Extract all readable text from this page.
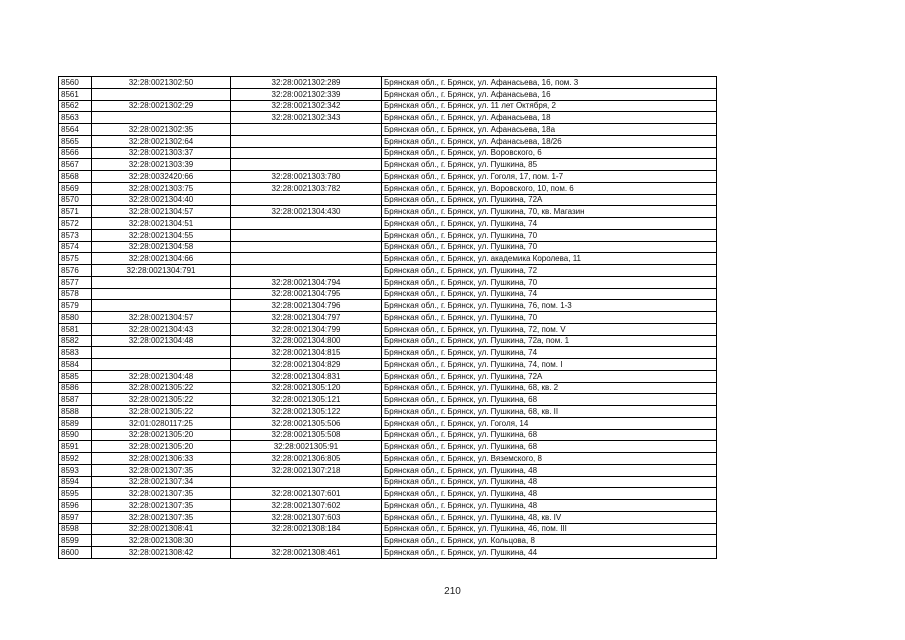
8560	32:28:0021302:50	32:28:0021302:289	Брянская обл., г. Брянск, ул. Афанасьева, 16, пом. 3
8561		32:28:0021302:339	Брянская обл., г. Брянск, ул. Афанасьева, 16
8562	32:28:0021302:29	32:28:0021302:342	Брянская обл., г. Брянск, ул. 11 лет Октября, 2
8563		32:28:0021302:343	Брянская обл., г. Брянск, ул. Афанасьева, 18
8564	32:28:0021302:35		Брянская обл., г. Брянск, ул. Афанасьева, 18а
8565	32:28:0021302:64		Брянская обл., г. Брянск, ул. Афанасьева, 18/26
8566	32:28:0021303:37		Брянская обл., г. Брянск, ул. Воровского, 6
8567	32:28:0021303:39		Брянская обл., г. Брянск, ул. Пушкина, 85
8568	32:28:0032420:66	32:28:0021303:780	Брянская обл., г. Брянск, ул. Гоголя, 17, пом. 1-7
8569	32:28:0021303:75	32:28:0021303:782	Брянская обл., г. Брянск, ул. Воровского, 10, пом. 6
8570	32:28:0021304:40		Брянская обл., г. Брянск, ул. Пушкина, 72А
8571	32:28:0021304:57	32:28:0021304:430	Брянская обл., г. Брянск, ул. Пушкина, 70, кв. Магазин
8572	32:28:0021304:51		Брянская обл., г. Брянск, ул. Пушкина, 74
8573	32:28:0021304:55		Брянская обл., г. Брянск, ул. Пушкина, 70
8574	32:28:0021304:58		Брянская обл., г. Брянск, ул. Пушкина, 70
8575	32:28:0021304:66		Брянская обл., г. Брянск, ул. академика Королева, 11
8576	32:28:0021304:791		Брянская обл., г. Брянск, ул. Пушкина, 72
8577		32:28:0021304:794	Брянская обл., г. Брянск, ул. Пушкина, 70
8578		32:28:0021304:795	Брянская обл., г. Брянск, ул. Пушкина, 74
8579		32:28:0021304:796	Брянская обл., г. Брянск, ул. Пушкина, 76, пом. 1-3
8580	32:28:0021304:57	32:28:0021304:797	Брянская обл., г. Брянск, ул. Пушкина, 70
8581	32:28:0021304:43	32:28:0021304:799	Брянская обл., г. Брянск, ул. Пушкина, 72, пом. V
8582	32:28:0021304:48	32:28:0021304:800	Брянская обл., г. Брянск, ул. Пушкина, 72а, пом. 1
8583		32:28:0021304:815	Брянская обл., г. Брянск, ул. Пушкина, 74
8584		32:28:0021304:829	Брянская обл., г. Брянск, ул. Пушкина, 74, пом. I
8585	32:28:0021304:48	32:28:0021304:831	Брянская обл., г. Брянск, ул. Пушкина, 72А
8586	32:28:0021305:22	32:28:0021305:120	Брянская обл., г. Брянск, ул. Пушкина, 68, кв. 2
8587	32:28:0021305:22	32:28:0021305:121	Брянская обл., г. Брянск, ул. Пушкина, 68
8588	32:28:0021305:22	32:28:0021305:122	Брянская обл., г. Брянск, ул. Пушкина, 68, кв. II
8589	32:01:0280117:25	32:28:0021305:506	Брянская обл., г. Брянск, ул. Гоголя, 14
8590	32:28:0021305:20	32:28:0021305:508	Брянская обл., г. Брянск, ул. Пушкина, 68
8591	32:28:0021305:20	32:28:0021305:91	Брянская обл., г. Брянск, ул. Пушкина, 68
8592	32:28:0021306:33	32:28:0021306:805	Брянская обл., г. Брянск, ул. Вяземского, 8
8593	32:28:0021307:35	32:28:0021307:218	Брянская обл., г. Брянск, ул. Пушкина, 48
8594	32:28:0021307:34		Брянская обл., г. Брянск, ул. Пушкина, 48
8595	32:28:0021307:35	32:28:0021307:601	Брянская обл., г. Брянск, ул. Пушкина, 48
8596	32:28:0021307:35	32:28:0021307:602	Брянская обл., г. Брянск, ул. Пушкина, 48
8597	32:28:0021307:35	32:28:0021307:603	Брянская обл., г. Брянск, ул. Пушкина, 48, кв. IV
8598	32:28:0021308:41	32:28:0021308:184	Брянская обл., г. Брянск, ул. Пушкина, 46, пом. III
8599	32:28:0021308:30		Брянская обл., г. Брянск, ул. Кольцова, 8
8600	32:28:0021308:42	32:28:0021308:461	Брянская обл., г. Брянск, ул. Пушкина, 44
210
